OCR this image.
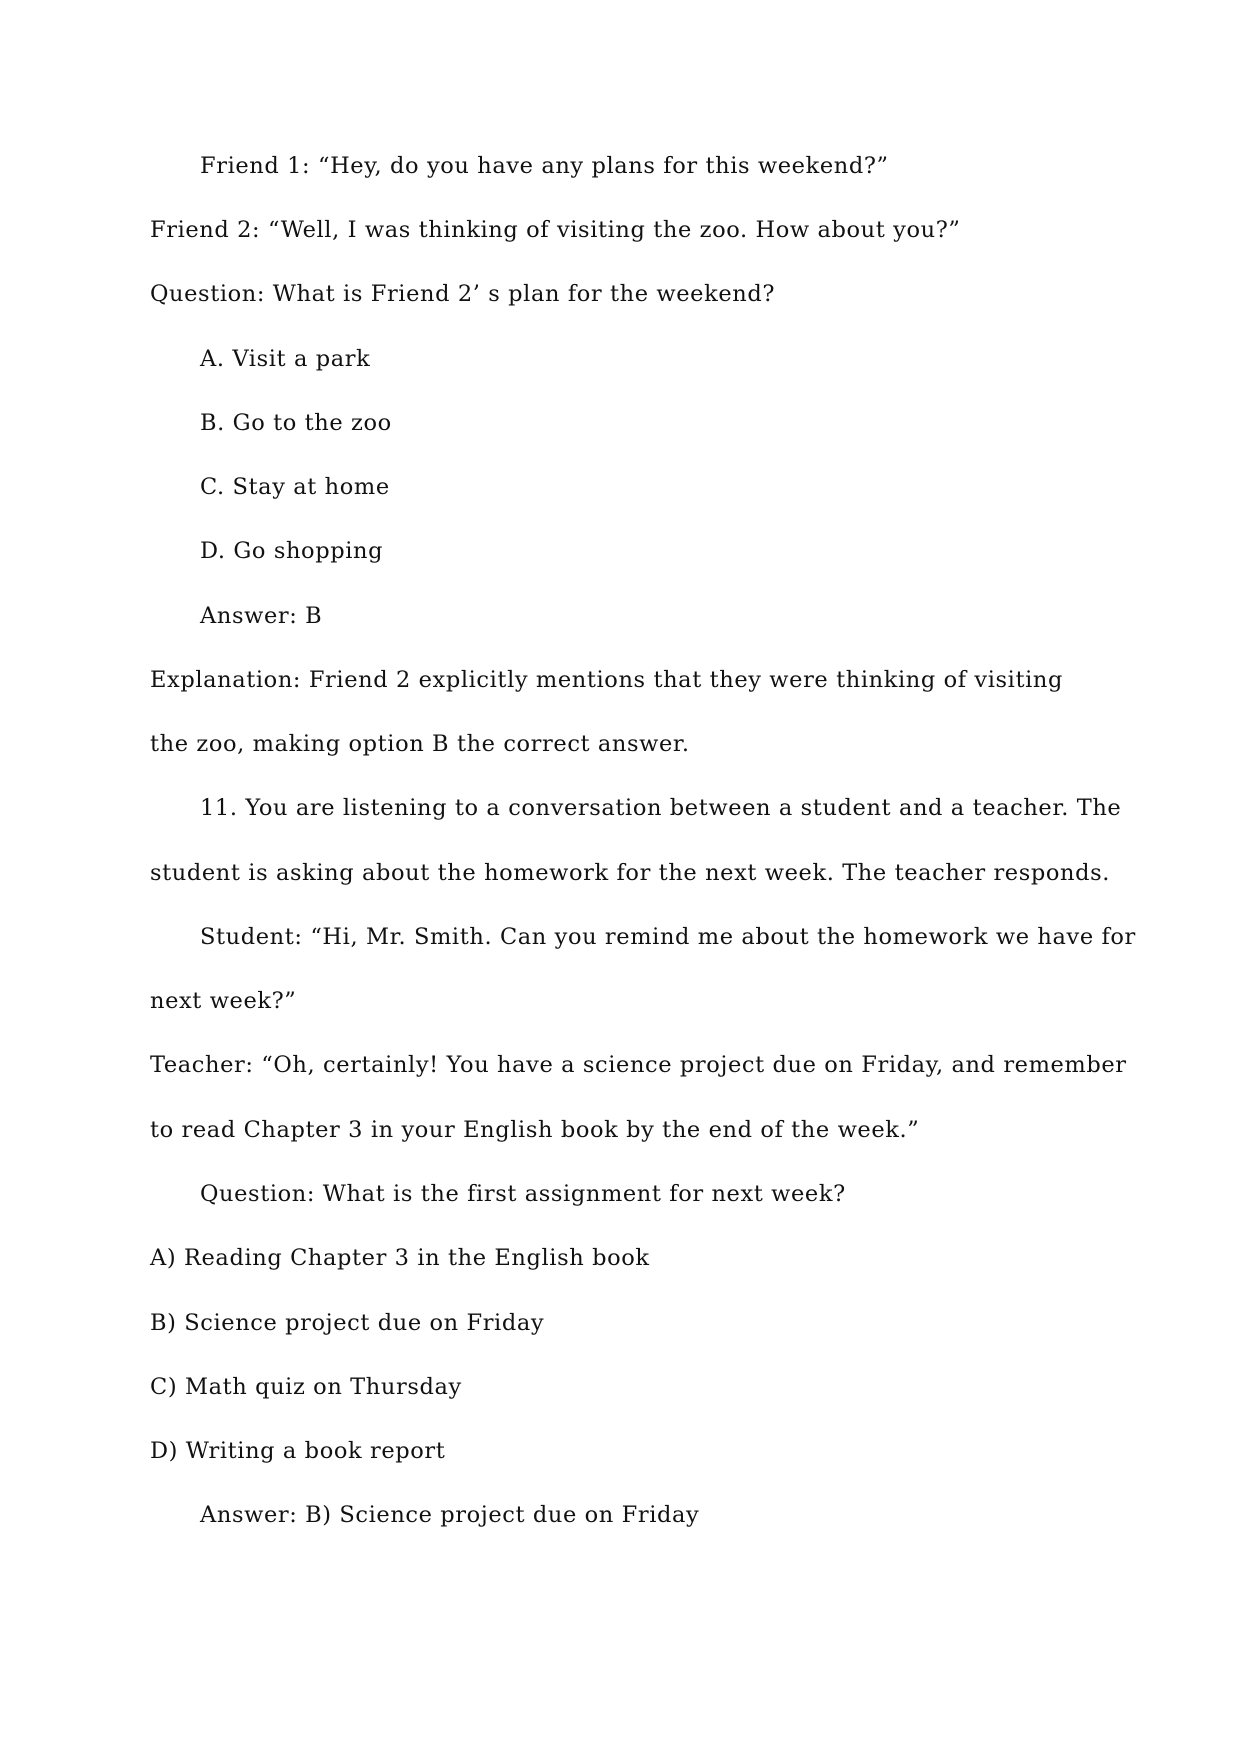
Friend 1: “Hey, do you have any plans for this weekend?”
Friend 2: “Well, I was thinking of visiting the zoo. How about you?”
Question: What is Friend 2’ s plan for the weekend?
A. Visit a park
B. Go to the zoo
C. Stay at home
D. Go shopping
Answer: B
Explanation: Friend 2 explicitly mentions that they were thinking of visiting
the zoo, making option B the correct answer.
11. You are listening to a conversation between a student and a teacher. The
student is asking about the homework for the next week. The teacher responds.
Student: “Hi, Mr. Smith. Can you remind me about the homework we have for
next week?”
Teacher: “Oh, certainly! You have a science project due on Friday, and remember
to read Chapter 3 in your English book by the end of the week.”
Question: What is the first assignment for next week?
A) Reading Chapter 3 in the English book
B) Science project due on Friday
C) Math quiz on Thursday
D) Writing a book report
Answer: B) Science project due on Friday
